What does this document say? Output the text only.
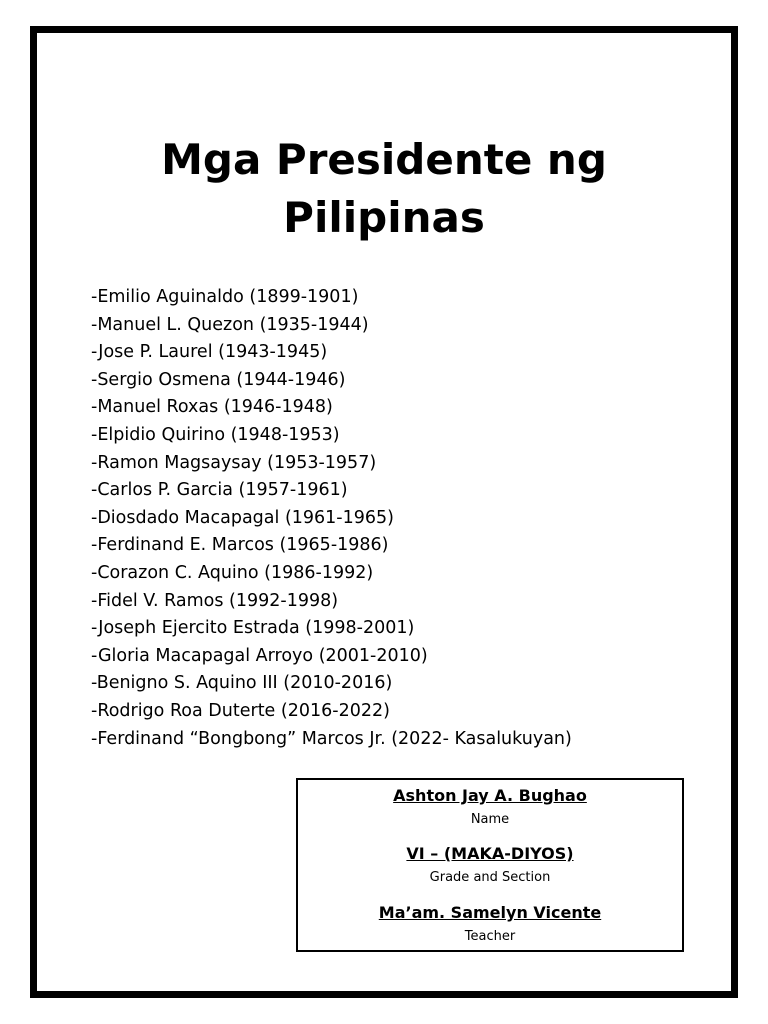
Mga Presidente ng
Pilipinas
-Emilio Aguinaldo (1899-1901)
-Manuel L. Quezon (1935-1944)
-Jose P. Laurel (1943-1945)
-Sergio Osmena (1944-1946)
-Manuel Roxas (1946-1948)
-Elpidio Quirino (1948-1953)
-Ramon Magsaysay (1953-1957)
-Carlos P. Garcia (1957-1961)
-Diosdado Macapagal (1961-1965)
-Ferdinand E. Marcos (1965-1986)
-Corazon C. Aquino (1986-1992)
-Fidel V. Ramos (1992-1998)
-Joseph Ejercito Estrada (1998-2001)
-Gloria Macapagal Arroyo (2001-2010)
-Benigno S. Aquino III (2010-2016)
-Rodrigo Roa Duterte (2016-2022)
-Ferdinand “Bongbong” Marcos Jr. (2022- Kasalukuyan)
Ashton Jay A. Bughao
Name
VI – (MAKA-DIYOS)
Grade and Section
Ma’am. Samelyn Vicente
Teacher
